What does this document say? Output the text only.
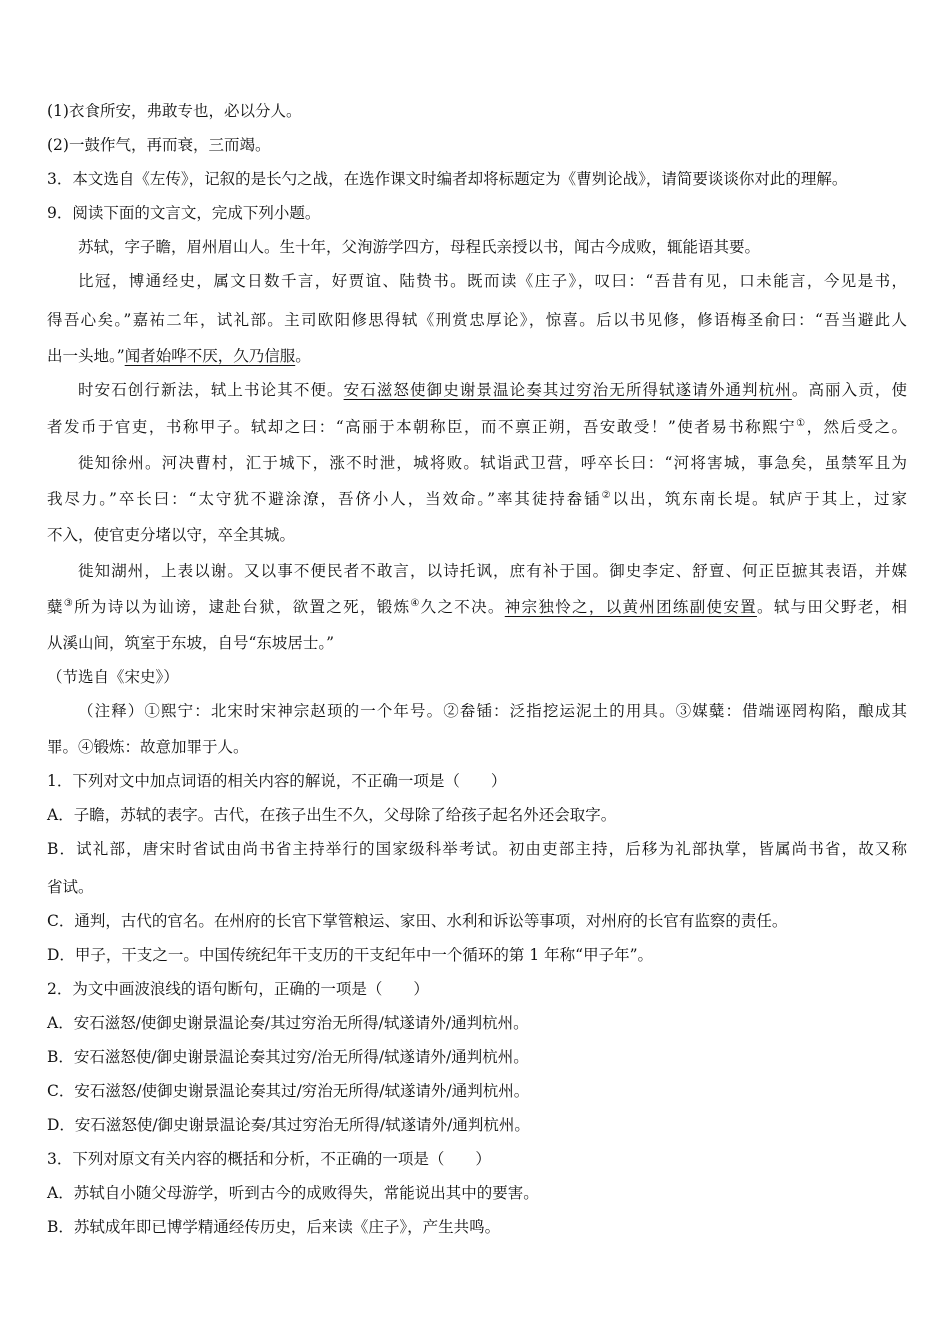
(1)衣食所安，弗敢专也，必以分人。
(2)一鼓作气，再而衰，三而竭。
3．本文选自《左传》，记叙的是长勺之战，在选作课文时编者却将标题定为《曹刿论战》，请简要谈谈你对此的理解。
9．阅读下面的文言文，完成下列小题。
苏轼，字子瞻，眉州眉山人。生十年，父洵游学四方，母程氏亲授以书，闻古今成败，辄能语其要。
比冠，博通经史，属文日数千言，好贾谊、陆贽书。既而读《庄子》，叹曰：“吾昔有见，口未能言，今见是书，
得吾心矣。”嘉祐二年，试礼部。主司欧阳修思得轼《刑赏忠厚论》，惊喜。后以书见修，修语梅圣俞曰：“吾当避此人
出一头地。”闻者始哗不厌，久乃信服。
时安石创行新法，轼上书论其不便。安石滋怒使御史谢景温论奏其过穷治无所得轼遂请外通判杭州。高丽入贡，使
者发币于官吏，书称甲子。轼却之曰：“高丽于本朝称臣，而不禀正朔，吾安敢受！”使者易书称熙宁①，然后受之。
徙知徐州。河决曹村，汇于城下，涨不时泄，城将败。轼诣武卫营，呼卒长曰：“河将害城，事急矣，虽禁军且为
我尽力。”卒长曰：“太守犹不避涂潦，吾侪小人，当效命。”率其徒持畚锸②以出，筑东南长堤。轼庐于其上，过家
不入，使官吏分堵以守，卒全其城。
徙知湖州，上表以谢。又以事不便民者不敢言，以诗托讽，庶有补于国。御史李定、舒亶、何正臣摭其表语，并媒
糵③所为诗以为讪谤，逮赴台狱，欲置之死，锻炼④久之不决。神宗独怜之，以黄州团练副使安置。轼与田父野老，相
从溪山间，筑室于东坡，自号“东坡居士。”
（节选自《宋史》）
（注释）①熙宁：北宋时宋神宗赵顼的一个年号。②畚锸：泛指挖运泥土的用具。③媒糵：借端诬罔构陷，酿成其
罪。④锻炼：故意加罪于人。
1．下列对文中加点词语的相关内容的解说，不正确一项是（　　）
A．子瞻，苏轼的表字。古代，在孩子出生不久，父母除了给孩子起名外还会取字。
B．试礼部，唐宋时省试由尚书省主持举行的国家级科举考试。初由吏部主持，后移为礼部执掌，皆属尚书省，故又称
省试。
C．通判，古代的官名。在州府的长官下掌管粮运、家田、水利和诉讼等事项，对州府的长官有监察的责任。
D．甲子，干支之一。中国传统纪年干支历的干支纪年中一个循环的第 1 年称“甲子年”。
2．为文中画波浪线的语句断句，正确的一项是（　　）
A．安石滋怒/使御史谢景温论奏/其过穷治无所得/轼遂请外/通判杭州。
B．安石滋怒使/御史谢景温论奏其过穷/治无所得/轼遂请外/通判杭州。
C．安石滋怒/使御史谢景温论奏其过/穷治无所得/轼遂请外/通判杭州。
D．安石滋怒使/御史谢景温论奏/其过穷治无所得/轼遂请外/通判杭州。
3．下列对原文有关内容的概括和分析，不正确的一项是（　　）
A．苏轼自小随父母游学，听到古今的成败得失，常能说出其中的要害。
B．苏轼成年即已博学精通经传历史，后来读《庄子》，产生共鸣。
